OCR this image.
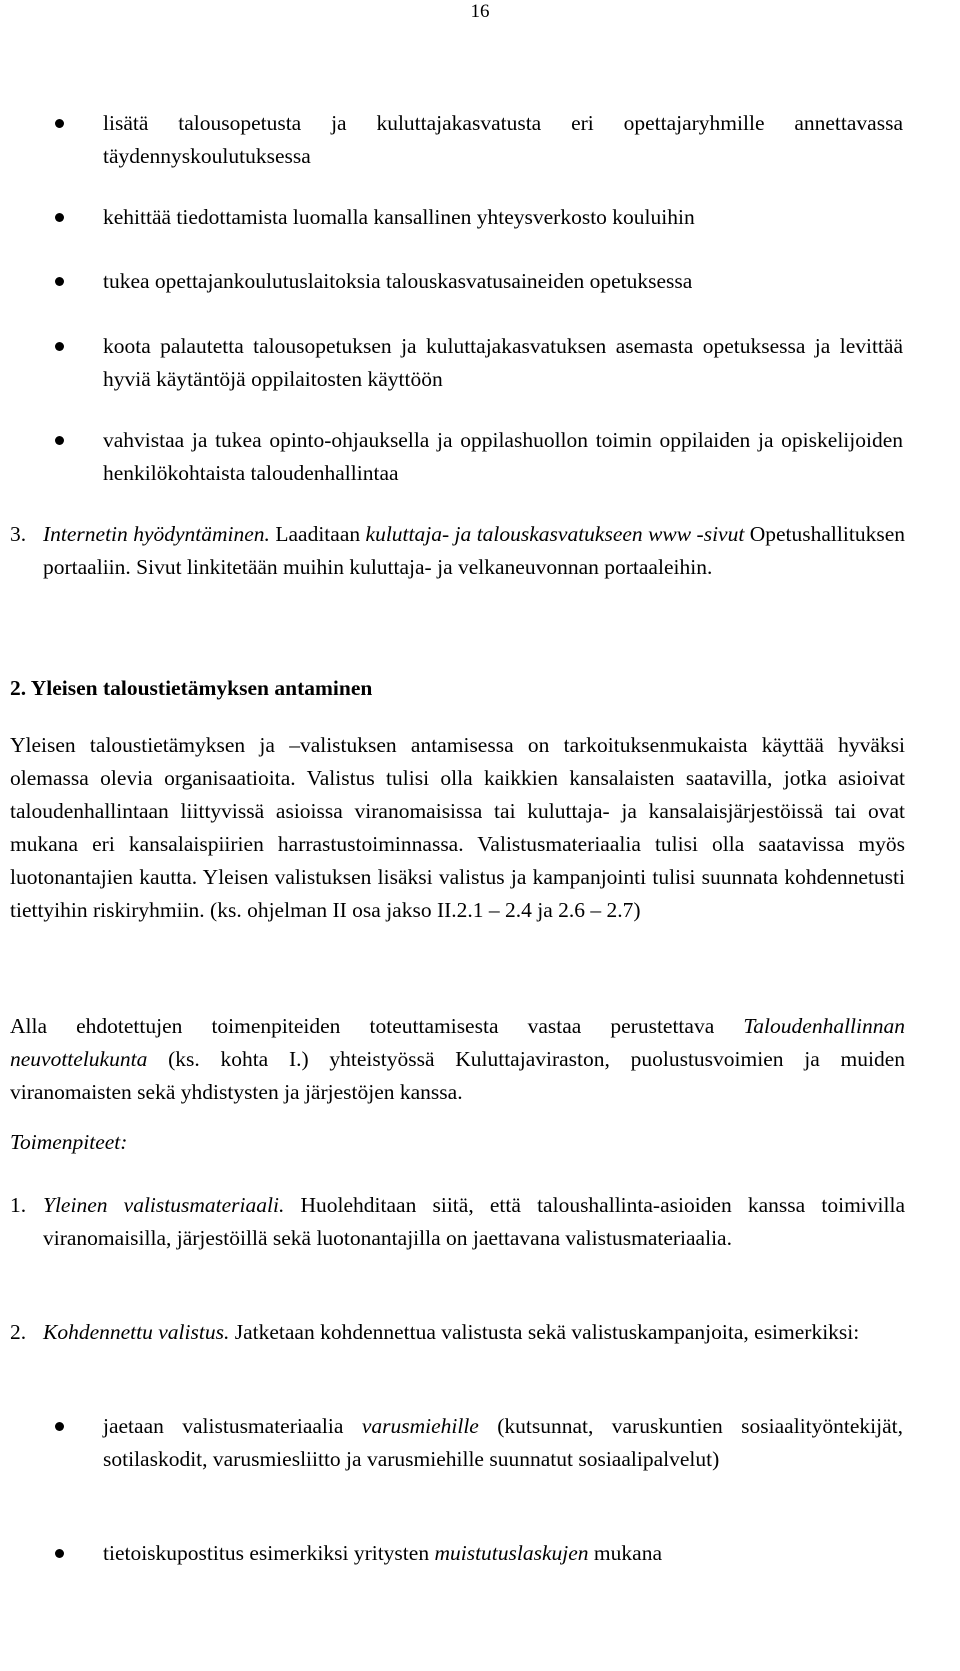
16
lisätä talousopetusta ja kuluttajakasvatusta eri opettajaryhmille annettavassa täydennyskoulutuksessa
kehittää tiedottamista luomalla kansallinen yhteysverkosto kouluihin
tukea opettajankoulutuslaitoksia talouskasvatusaineiden opetuksessa
koota palautetta talousopetuksen ja kuluttajakasvatuksen asemasta opetuksessa ja levittää hyviä käytäntöjä oppilaitosten käyttöön
vahvistaa ja tukea opinto-ohjauksella ja oppilashuollon toimin oppilaiden ja opiskelijoiden henkilökohtaista taloudenhallintaa
3. Internetin hyödyntäminen. Laaditaan kuluttaja- ja talouskasvatukseen www -sivut Opetushallituksen portaaliin. Sivut linkitetään muihin kuluttaja- ja velkaneuvonnan portaaleihin.
2. Yleisen taloustietämyksen antaminen
Yleisen taloustietämyksen ja –valistuksen antamisessa on tarkoituksenmukaista käyttää hyväksi olemassa olevia organisaatioita. Valistus tulisi olla kaikkien kansalaisten saatavilla, jotka asioivat taloudenhallintaan liittyvissä asioissa viranomaisissa tai kuluttaja- ja kansalaisjärjestöissä tai ovat mukana eri kansalaispiirien harrastustoiminnassa. Valistusmateriaalia tulisi olla saatavissa myös luotonantajien kautta. Yleisen valistuksen lisäksi valistus ja kampanjointi tulisi suunnata kohdennetusti tiettyihin riskiryhmiin. (ks. ohjelman II osa jakso II.2.1 – 2.4 ja 2.6 – 2.7)
Alla ehdotettujen toimenpiteiden toteuttamisesta vastaa perustettava Taloudenhallinnan neuvottelukunta (ks. kohta I.) yhteistyössä Kuluttajaviraston, puolustusvoimien ja muiden viranomaisten sekä yhdistysten ja järjestöjen kanssa.
Toimenpiteet:
1. Yleinen valistusmateriaali. Huolehditaan siitä, että taloushallinta-asioiden kanssa toimivilla viranomaisilla, järjestöillä sekä luotonantajilla on jaettavana valistusmateriaalia.
2. Kohdennettu valistus. Jatketaan kohdennettua valistusta sekä valistuskampanjoita, esimerkiksi:
jaetaan valistusmateriaalia varusmiehille (kutsunnat, varuskuntien sosiaalityöntekijät, sotilaskodit, varusmiesliitto ja varusmiehille suunnatut sosiaalipalvelut)
tietoiskupostitus esimerkiksi yritysten muistutuslaskujen mukana
